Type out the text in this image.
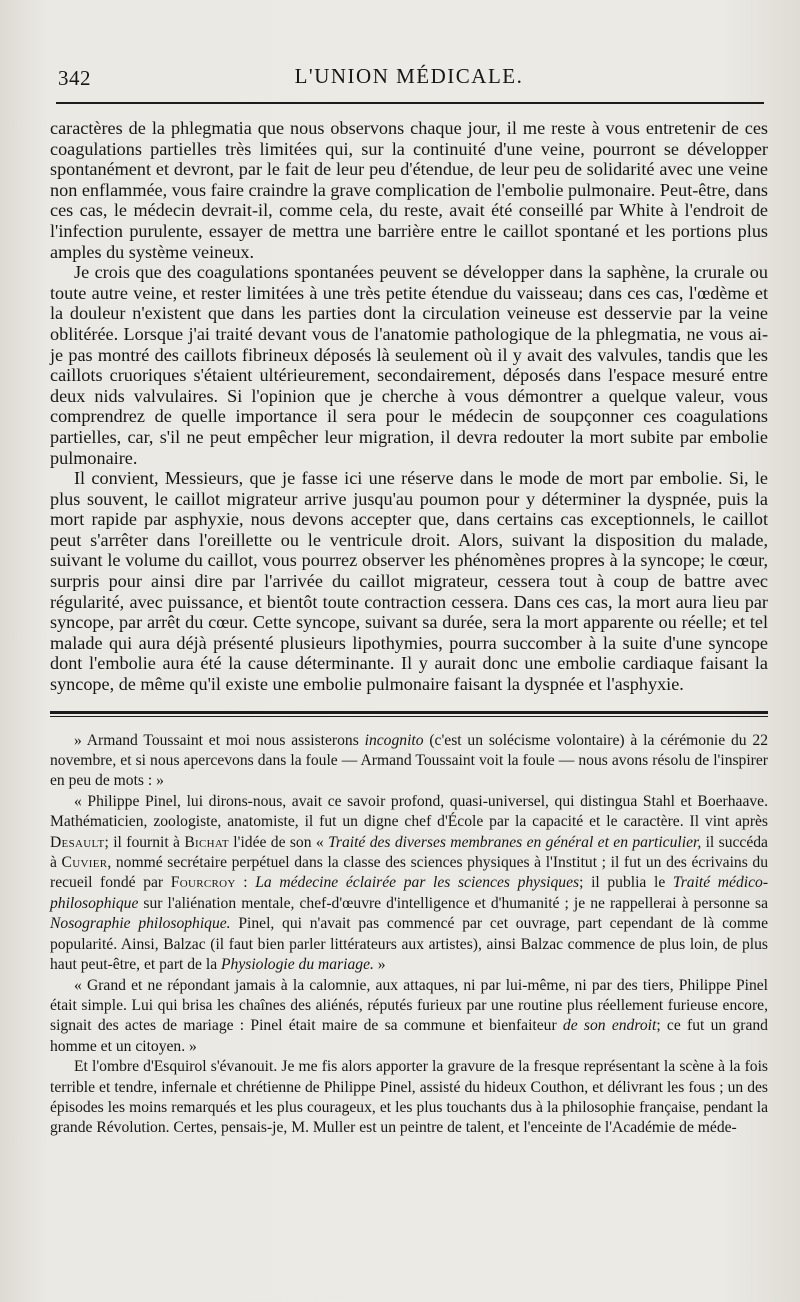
342	L'UNION MÉDICALE.

caractères de la phlegmatia que nous observons chaque jour, il me reste à vous entretenir de ces coagulations partielles très limitées qui, sur la continuité d'une veine, pourront se développer spontanément et devront, par le fait de leur peu d'étendue, de leur peu de solidarité avec une veine non enflammée, vous faire craindre la grave complication de l'embolie pulmonaire. Peut-être, dans ces cas, le médecin devrait-il, comme cela, du reste, avait été conseillé par White à l'endroit de l'infection purulente, essayer de mettra une barrière entre le caillot spontané et les portions plus amples du système veineux.

Je crois que des coagulations spontanées peuvent se développer dans la saphène, la crurale ou toute autre veine, et rester limitées à une très petite étendue du vaisseau; dans ces cas, l'œdème et la douleur n'existent que dans les parties dont la circulation veineuse est desservie par la veine oblitérée. Lorsque j'ai traité devant vous de l'anatomie pathologique de la phlegmatia, ne vous ai-je pas montré des caillots fibrineux déposés là seulement où il y avait des valvules, tandis que les caillots cruoriques s'étaient ultérieurement, secondairement, déposés dans l'espace mesuré entre deux nids valvulaires. Si l'opinion que je cherche à vous démontrer a quelque valeur, vous comprendrez de quelle importance il sera pour le médecin de soupçonner ces coagulations partielles, car, s'il ne peut empêcher leur migration, il devra redouter la mort subite par embolie pulmonaire.

Il convient, Messieurs, que je fasse ici une réserve dans le mode de mort par embolie. Si, le plus souvent, le caillot migrateur arrive jusqu'au poumon pour y déterminer la dyspnée, puis la mort rapide par asphyxie, nous devons accepter que, dans certains cas exceptionnels, le caillot peut s'arrêter dans l'oreillette ou le ventricule droit. Alors, suivant la disposition du malade, suivant le volume du caillot, vous pourrez observer les phénomènes propres à la syncope; le cœur, surpris pour ainsi dire par l'arrivée du caillot migrateur, cessera tout à coup de battre avec régularité, avec puissance, et bientôt toute contraction cessera. Dans ces cas, la mort aura lieu par syncope, par arrêt du cœur. Cette syncope, suivant sa durée, sera la mort apparente ou réelle; et tel malade qui aura déjà présenté plusieurs lipothymies, pourra succomber à la suite d'une syncope dont l'embolie aura été la cause déterminante. Il y aurait donc une embolie cardiaque faisant la syncope, de même qu'il existe une embolie pulmonaire faisant la dyspnée et l'asphyxie.

» Armand Toussaint et moi nous assisterons incognito (c'est un solécisme volontaire) à la cérémonie du 22 novembre, et si nous apercevons dans la foule — Armand Toussaint voit la foule — nous avons résolu de l'inspirer en peu de mots : »

« Philippe Pinel, lui dirons-nous, avait ce savoir profond, quasi-universel, qui distingua Stahl et Boerhaave. Mathématicien, zoologiste, anatomiste, il fut un digne chef d'École par la capacité et le caractère. Il vint après Desault; il fournit à Bichat l'idée de son « Traité des diverses membranes en général et en particulier, il succéda à Cuvier, nommé secrétaire perpétuel dans la classe des sciences physiques à l'Institut ; il fut un des écrivains du recueil fondé par Fourcroy : La médecine éclairée par les sciences physiques; il publia le Traité médico-philosophique sur l'aliénation mentale, chef-d'œuvre d'intelligence et d'humanité ; je ne rappellerai à personne sa Nosographie philosophique. Pinel, qui n'avait pas commencé par cet ouvrage, part cependant de là comme popularité. Ainsi, Balzac (il faut bien parler littérateurs aux artistes), ainsi Balzac commence de plus loin, de plus haut peut-être, et part de la Physiologie du mariage. »

« Grand et ne répondant jamais à la calomnie, aux attaques, ni par lui-même, ni par des tiers, Philippe Pinel était simple. Lui qui brisa les chaînes des aliénés, réputés furieux par une routine plus réellement furieuse encore, signait des actes de mariage : Pinel était maire de sa commune et bienfaiteur de son endroit; ce fut un grand homme et un citoyen. »

Et l'ombre d'Esquirol s'évanouit. Je me fis alors apporter la gravure de la fresque représentant la scène à la fois terrible et tendre, infernale et chrétienne de Philippe Pinel, assisté du hideux Couthon, et délivrant les fous ; un des épisodes les moins remarqués et les plus courageux, et les plus touchants dus à la philosophie française, pendant la grande Révolution. Certes, pensais-je, M. Muller est un peintre de talent, et l'enceinte de l'Académie de méde-
